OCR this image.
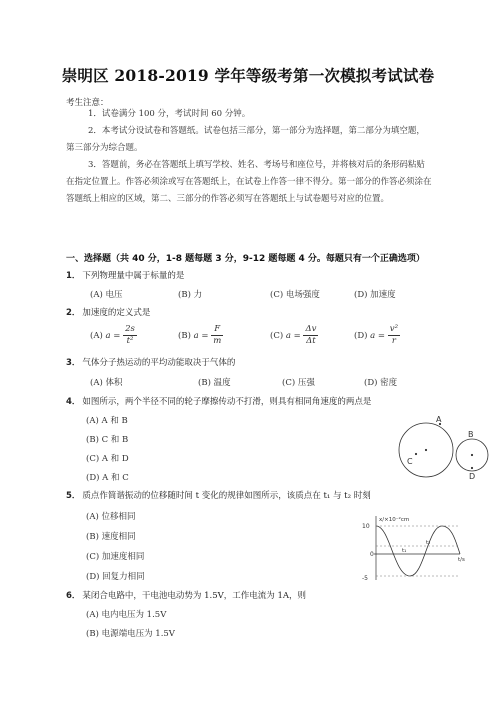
崇明区 2018-2019 学年等级考第一次模拟考试试卷
考生注意：
1．试卷满分 100 分，考试时间 60 分钟。
2．本考试分设试卷和答题纸。试卷包括三部分，第一部分为选择题，第二部分为填空题，第三部分为综合题。
3．答题前，务必在答题纸上填写学校、姓名、考场号和座位号，并将核对后的条形码粘贴在指定位置上。作答必须涂或写在答题纸上，在试卷上作答一律不得分。第一部分的作答必须涂在答题纸上相应的区域，第二、三部分的作答必须写在答题纸上与试卷题号对应的位置。
一、选择题（共 40 分，1-8 题每题 3 分，9-12 题每题 4 分。每题只有一个正确选项）
1． 下列物理量中属于标量的是
(A) 电压	(B) 力	(C) 电场强度	(D) 加速度
2． 加速度的定义式是
(A) $a = \frac{2s}{\text{t²}}$	(B) $a = \frac{F}{m}$	(C) $a = \frac{\Delta v}{\Delta t}$	(D) $a = \frac{\text{v²}}{r}$
3． 气体分子热运动的平均动能取决于气体的
(A) 体积	(B) 温度	(C) 压强	(D) 密度
4． 如图所示，两个半径不同的轮子摩擦传动不打滑，则具有相同角速度的两点是
(A) A 和 B
(B) C 和 B
(C) A 和 D
(D) A 和 C
A
B
C
D
5． 质点作简谐振动的位移随时间 t 变化的规律如图所示，该质点在 t₁ 与 t₂ 时刻
(A) 位移相同
(B) 速度相同
(C) 加速度相同
(D) 回复力相同
x/×10⁻²cm
10
0
-5
t₁
t₂
t/s
6． 某闭合电路中，干电池电动势为 1.5V，工作电流为 1A，则
(A) 电内电压为 1.5V
(B) 电源端电压为 1.5V
